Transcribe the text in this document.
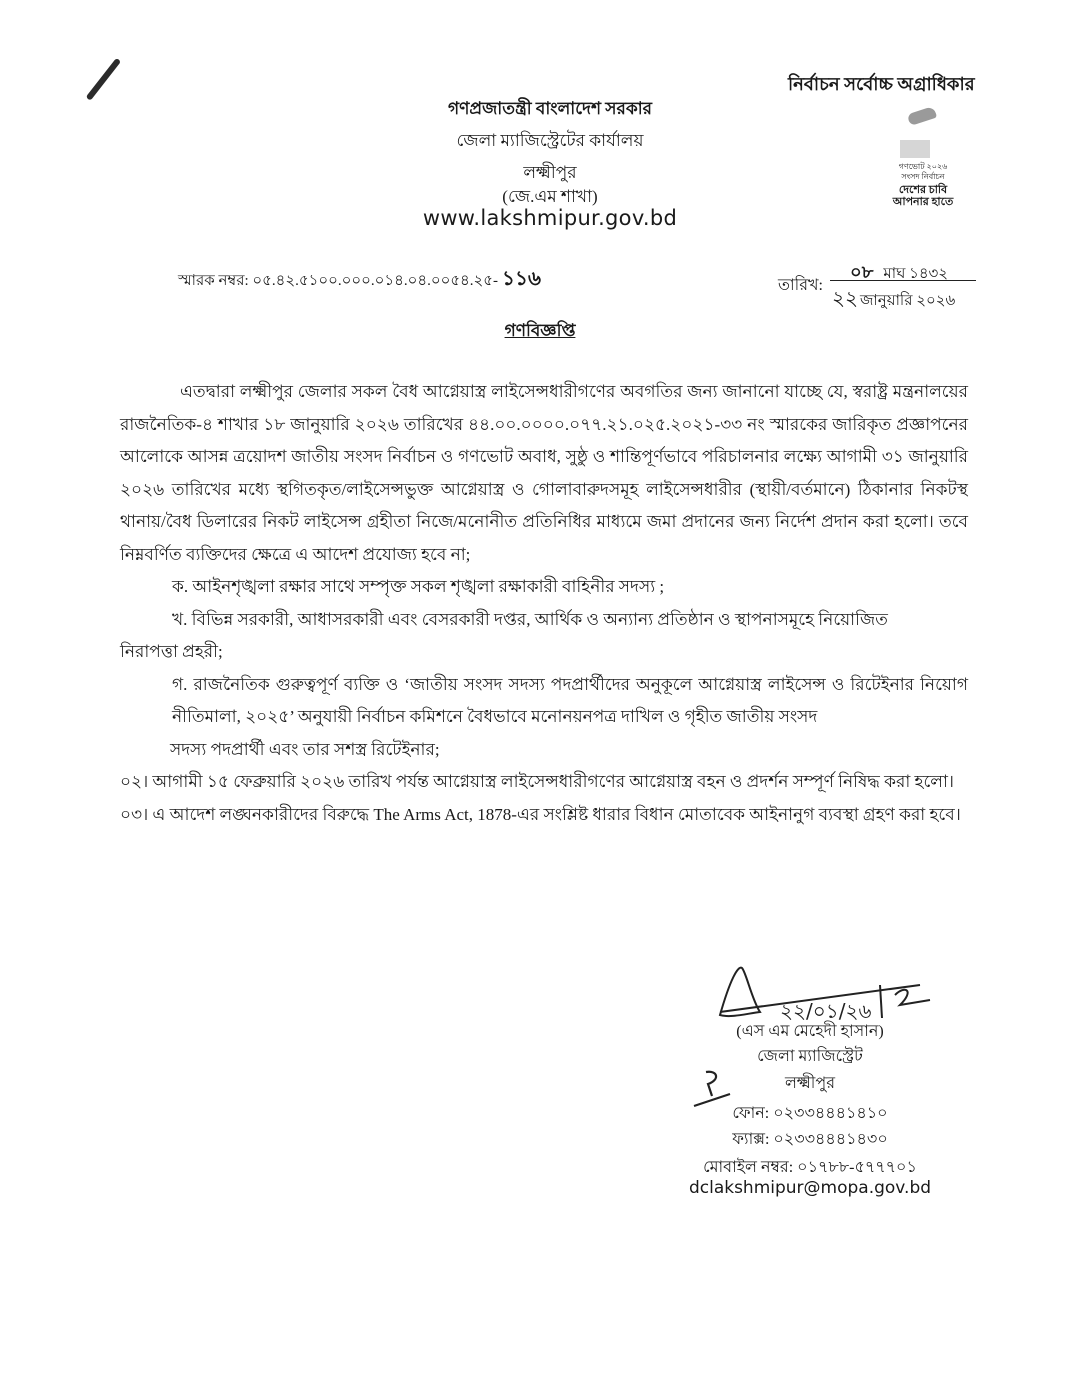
নির্বাচন সর্বোচ্চ অগ্রাধিকার
গণপ্রজাতন্ত্রী বাংলাদেশ সরকার
জেলা ম্যাজিস্ট্রেটের কার্যালয়
লক্ষ্মীপুর
(জে.এম শাখা)
www.lakshmipur.gov.bd
গণভোট ২০২৬
সংসদ নির্বাচন
দেশের চাবি
আপনার হাতে
স্মারক নম্বর: ০৫.৪২.৫১০০.০০০.০১৪.০৪.০০৫৪.২৫- ১১৬	তারিখ:
০৮ মাঘ ১৪৩২
২২ জানুয়ারি ২০২৬
গণবিজ্ঞপ্তি

এতদ্বারা লক্ষ্মীপুর জেলার সকল বৈধ আগ্নেয়াস্ত্র লাইসেন্সধারীগণের অবগতির জন্য জানানো যাচ্ছে যে, স্বরাষ্ট্র মন্ত্রনালয়ের রাজনৈতিক-৪ শাখার ১৮ জানুয়ারি ২০২৬ তারিখের ৪৪.০০.০০০০.০৭৭.২১.০২৫.২০২১-৩৩ নং স্মারকের জারিকৃত প্রজ্ঞাপনের আলোকে আসন্ন ত্রয়োদশ জাতীয় সংসদ নির্বাচন ও গণভোট অবাধ, সুষ্ঠু ও শান্তিপূর্ণভাবে পরিচালনার লক্ষ্যে আগামী ৩১ জানুয়ারি ২০২৬ তারিখের মধ্যে স্থগিতকৃত/লাইসেন্সভুক্ত আগ্নেয়াস্ত্র ও গোলাবারুদসমূহ লাইসেন্সধারীর (স্থায়ী/বর্তমানে) ঠিকানার নিকটস্থ থানায়/বৈধ ডিলারের নিকট লাইসেন্স গ্রহীতা নিজে/মনোনীত প্রতিনিধির মাধ্যমে জমা প্রদানের জন্য নির্দেশ প্রদান করা হলো। তবে নিম্নবর্ণিত ব্যক্তিদের ক্ষেত্রে এ আদেশ প্রযোজ্য হবে না;

ক. আইনশৃঙ্খলা রক্ষার সাথে সম্পৃক্ত সকল শৃঙ্খলা রক্ষাকারী বাহিনীর সদস্য ;

খ. বিভিন্ন সরকারী, আধাসরকারী এবং বেসরকারী দপ্তর, আর্থিক ও অন্যান্য প্রতিষ্ঠান ও স্থাপনাসমূহে নিয়োজিত

নিরাপত্তা প্রহরী;

গ. রাজনৈতিক গুরুত্বপূর্ণ ব্যক্তি ও ‘জাতীয় সংসদ সদস্য পদপ্রার্থীদের অনুকূলে আগ্নেয়াস্ত্র লাইসেন্স ও রিটেইনার নিয়োগ নীতিমালা, ২০২৫’ অনুযায়ী নির্বাচন কমিশনে বৈধভাবে মনোনয়নপত্র দাখিল ও গৃহীত জাতীয় সংসদ

সদস্য পদপ্রার্থী এবং তার সশস্ত্র রিটেইনার;

০২। আগামী ১৫ ফেব্রুয়ারি ২০২৬ তারিখ পর্যন্ত আগ্নেয়াস্ত্র লাইসেন্সধারীগণের আগ্নেয়াস্ত্র বহন ও প্রদর্শন সম্পূর্ণ নিষিদ্ধ করা হলো।

০৩। এ আদেশ লঙ্ঘনকারীদের বিরুদ্ধে The Arms Act, 1878-এর সংশ্লিষ্ট ধারার বিধান মোতাবেক আইনানুগ ব্যবস্থা গ্রহণ করা হবে।

২২/০১/২৬
(এস এম মেহেদী হাসান)
জেলা ম্যাজিস্ট্রেট
লক্ষ্মীপুর
ফোন: ০২৩৩৪৪৪১৪১০
ফ্যাক্স: ০২৩৩৪৪৪১৪৩০
মোবাইল নম্বর: ০১৭৮৮-৫৭৭৭০১
dclakshmipur@mopa.gov.bd
